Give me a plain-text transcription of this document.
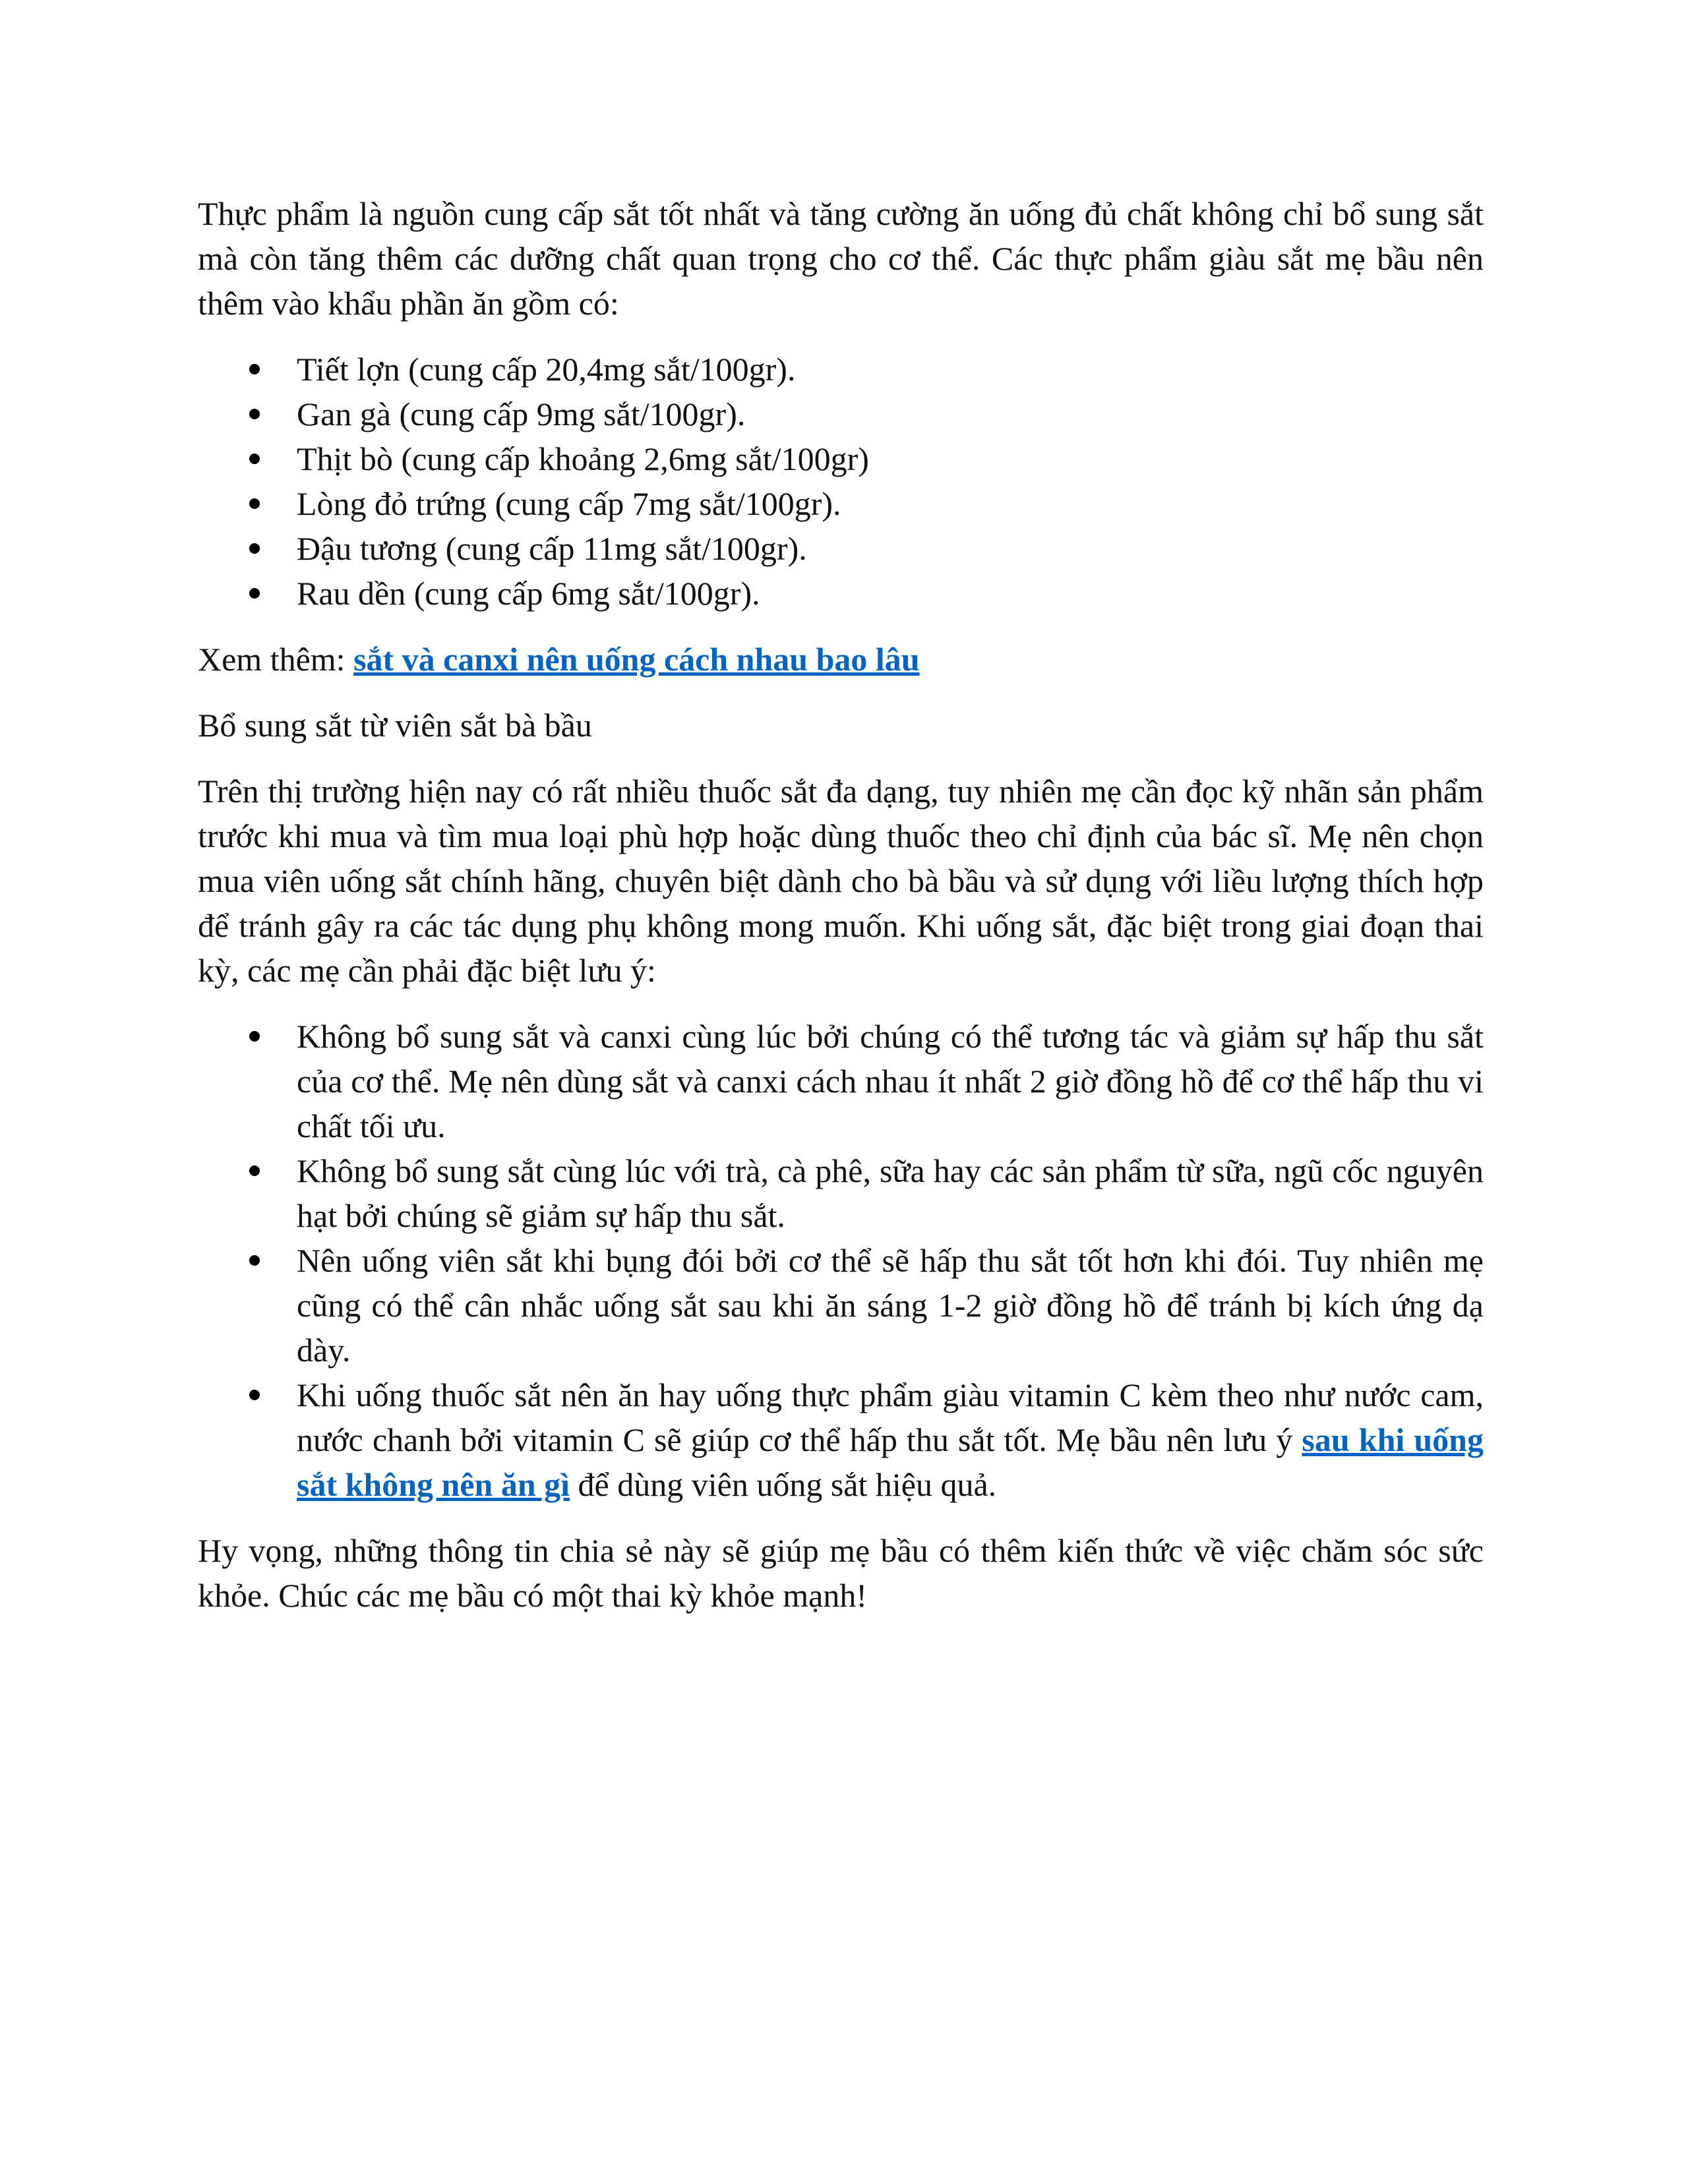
Thực phẩm là nguồn cung cấp sắt tốt nhất và tăng cường ăn uống đủ chất không chỉ bổ sung sắt mà còn tăng thêm các dưỡng chất quan trọng cho cơ thể. Các thực phẩm giàu sắt mẹ bầu nên thêm vào khẩu phần ăn gồm có:

Tiết lợn (cung cấp 20,4mg sắt/100gr).
Gan gà (cung cấp 9mg sắt/100gr).
Thịt bò (cung cấp khoảng 2,6mg sắt/100gr)
Lòng đỏ trứng (cung cấp 7mg sắt/100gr).
Đậu tương (cung cấp 11mg sắt/100gr).
Rau dền (cung cấp 6mg sắt/100gr).

Xem thêm: sắt và canxi nên uống cách nhau bao lâu

Bổ sung sắt từ viên sắt bà bầu

Trên thị trường hiện nay có rất nhiều thuốc sắt đa dạng, tuy nhiên mẹ cần đọc kỹ nhãn sản phẩm trước khi mua và tìm mua loại phù hợp hoặc dùng thuốc theo chỉ định của bác sĩ. Mẹ nên chọn mua viên uống sắt chính hãng, chuyên biệt dành cho bà bầu và sử dụng với liều lượng thích hợp để tránh gây ra các tác dụng phụ không mong muốn. Khi uống sắt, đặc biệt trong giai đoạn thai kỳ, các mẹ cần phải đặc biệt lưu ý:

Không bổ sung sắt và canxi cùng lúc bởi chúng có thể tương tác và giảm sự hấp thu sắt của cơ thể. Mẹ nên dùng sắt và canxi cách nhau ít nhất 2 giờ đồng hồ để cơ thể hấp thu vi chất tối ưu.
Không bổ sung sắt cùng lúc với trà, cà phê, sữa hay các sản phẩm từ sữa, ngũ cốc nguyên hạt bởi chúng sẽ giảm sự hấp thu sắt.
Nên uống viên sắt khi bụng đói bởi cơ thể sẽ hấp thu sắt tốt hơn khi đói. Tuy nhiên mẹ cũng có thể cân nhắc uống sắt sau khi ăn sáng 1-2 giờ đồng hồ để tránh bị kích ứng dạ dày.
Khi uống thuốc sắt nên ăn hay uống thực phẩm giàu vitamin C kèm theo như nước cam, nước chanh bởi vitamin C sẽ giúp cơ thể hấp thu sắt tốt. Mẹ bầu nên lưu ý sau khi uống sắt không nên ăn gì để dùng viên uống sắt hiệu quả.

Hy vọng, những thông tin chia sẻ này sẽ giúp mẹ bầu có thêm kiến thức về việc chăm sóc sức khỏe. Chúc các mẹ bầu có một thai kỳ khỏe mạnh!
